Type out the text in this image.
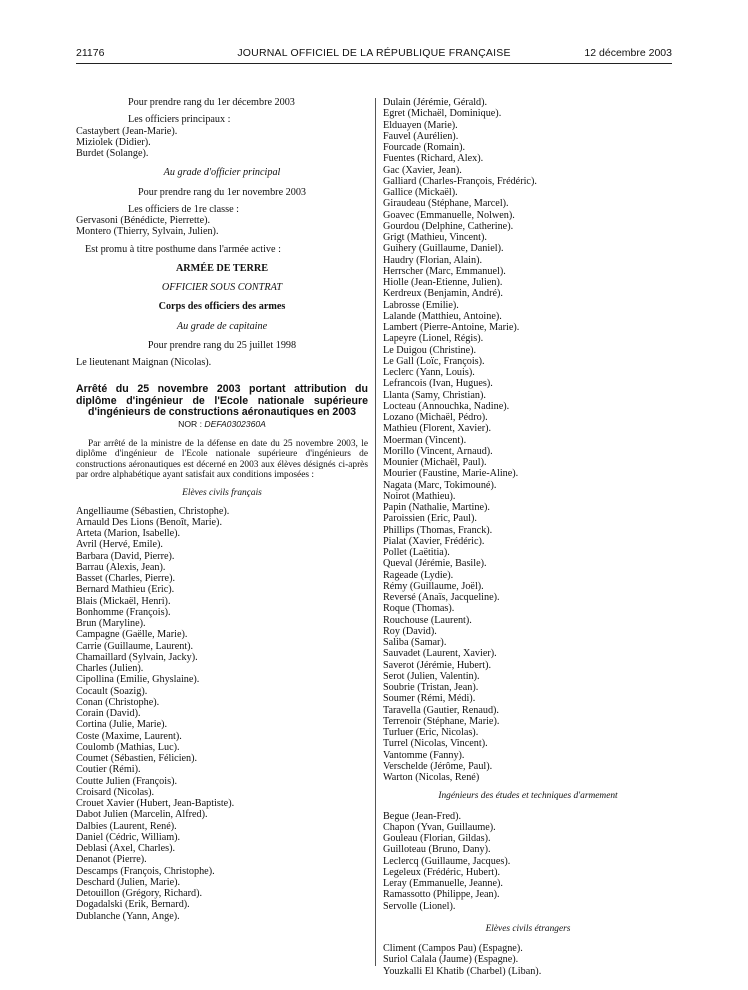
21176	JOURNAL OFFICIEL DE LA RÉPUBLIQUE FRANÇAISE	12 décembre 2003
Pour prendre rang du 1er décembre 2003
Les officiers principaux :
Castaybert (Jean-Marie).
Miziolek (Didier).
Burdet (Solange).
Au grade d'officier principal
Pour prendre rang du 1er novembre 2003
Les officiers de 1re classe :
Gervasoni (Bénédicte, Pierrette).
Montero (Thierry, Sylvain, Julien).
Est promu à titre posthume dans l'armée active :
ARMÉE DE TERRE
OFFICIER SOUS CONTRAT
Corps des officiers des armes
Au grade de capitaine
Pour prendre rang du 25 juillet 1998
Le lieutenant Maignan (Nicolas).
Arrêté du 25 novembre 2003 portant attribution du diplôme d'ingénieur de l'Ecole nationale supérieure d'ingénieurs de constructions aéronautiques en 2003
NOR : DEFA0302360A
Par arrêté de la ministre de la défense en date du 25 novembre 2003, le diplôme d'ingénieur de l'Ecole nationale supérieure d'ingénieurs de constructions aéronautiques est décerné en 2003 aux élèves désignés ci-après par ordre alphabétique ayant satisfait aux conditions imposées :
Elèves civils français
Angelliaume (Sébastien, Christophe).
Arnauld Des Lions (Benoît, Marie).
Arteta (Marion, Isabelle).
Avril (Hervé, Emile).
Barbara (David, Pierre).
Barrau (Alexis, Jean).
Basset (Charles, Pierre).
Bernard Mathieu (Eric).
Blais (Mickaël, Henri).
Bonhomme (François).
Brun (Maryline).
Campagne (Gaëlle, Marie).
Carrie (Guillaume, Laurent).
Chamaillard (Sylvain, Jacky).
Charles (Julien).
Cipollina (Emilie, Ghyslaine).
Cocault (Soazig).
Conan (Christophe).
Corain (David).
Cortina (Julie, Marie).
Coste (Maxime, Laurent).
Coulomb (Mathias, Luc).
Coumet (Sébastien, Félicien).
Coutier (Rémi).
Coutte Julien (François).
Croisard (Nicolas).
Crouet Xavier (Hubert, Jean-Baptiste).
Dabot Julien (Marcelin, Alfred).
Dalbies (Laurent, René).
Daniel (Cédric, William).
Deblasi (Axel, Charles).
Denanot (Pierre).
Descamps (François, Christophe).
Deschard (Julien, Marie).
Detouillon (Grégory, Richard).
Dogadalski (Erik, Bernard).
Dublanche (Yann, Ange).
Dulain (Jérémie, Gérald).
Egret (Michaël, Dominique).
Elduayen (Marie).
Fauvel (Aurélien).
Fourcade (Romain).
Fuentes (Richard, Alex).
Gac (Xavier, Jean).
Galliard (Charles-François, Frédéric).
Gallice (Mickaël).
Giraudeau (Stéphane, Marcel).
Goavec (Emmanuelle, Nolwen).
Gourdou (Delphine, Catherine).
Grigt (Mathieu, Vincent).
Guihery (Guillaume, Daniel).
Haudry (Florian, Alain).
Herrscher (Marc, Emmanuel).
Hiolle (Jean-Etienne, Julien).
Kerdreux (Benjamin, André).
Labrosse (Emilie).
Lalande (Matthieu, Antoine).
Lambert (Pierre-Antoine, Marie).
Lapeyre (Lionel, Régis).
Le Duigou (Christine).
Le Gall (Loïc, François).
Leclerc (Yann, Louis).
Lefrancois (Ivan, Hugues).
Llanta (Samy, Christian).
Locteau (Annouchka, Nadine).
Lozano (Michaël, Pédro).
Mathieu (Florent, Xavier).
Moerman (Vincent).
Morillo (Vincent, Arnaud).
Mounier (Michaël, Paul).
Mourier (Faustine, Marie-Aline).
Nagata (Marc, Tokimouné).
Noirot (Mathieu).
Papin (Nathalie, Martine).
Paroissien (Eric, Paul).
Phillips (Thomas, Franck).
Pialat (Xavier, Frédéric).
Pollet (Laëtitia).
Queval (Jérémie, Basile).
Rageade (Lydie).
Rémy (Guillaume, Joël).
Reversé (Anaïs, Jacqueline).
Roque (Thomas).
Rouchouse (Laurent).
Roy (David).
Saliba (Samar).
Sauvadet (Laurent, Xavier).
Saverot (Jérémie, Hubert).
Serot (Julien, Valentin).
Soubrie (Tristan, Jean).
Soumer (Rémi, Médi).
Taravella (Gautier, Renaud).
Terrenoir (Stéphane, Marie).
Turluer (Eric, Nicolas).
Turrel (Nicolas, Vincent).
Vantomme (Fanny).
Verschelde (Jérôme, Paul).
Warton (Nicolas, René)
Ingénieurs des études et techniques d'armement
Begue (Jean-Fred).
Chapon (Yvan, Guillaume).
Gouleau (Florian, Gildas).
Guilloteau (Bruno, Dany).
Leclercq (Guillaume, Jacques).
Legeleux (Frédéric, Hubert).
Leray (Emmanuelle, Jeanne).
Ramassotto (Philippe, Jean).
Servolle (Lionel).
Elèves civils étrangers
Climent (Campos Pau) (Espagne).
Suriol Calala (Jaume) (Espagne).
Youzkalli El Khatib (Charbel) (Liban).
